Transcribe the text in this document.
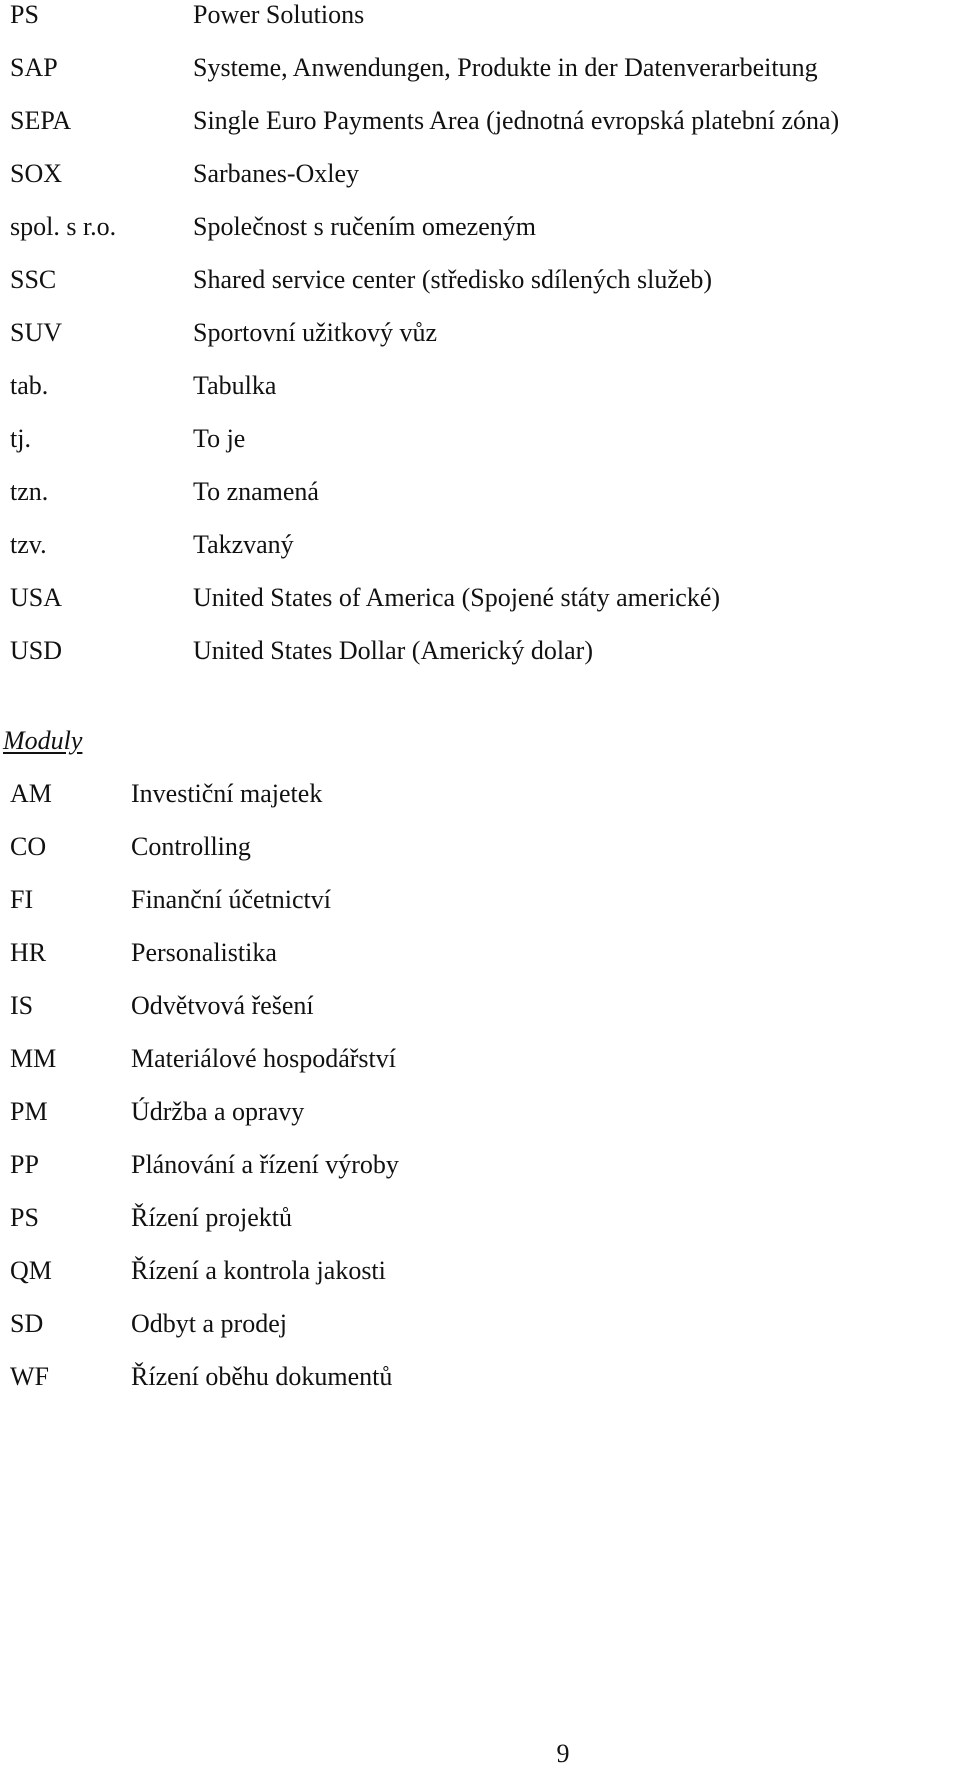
PS	Power Solutions
SAP	Systeme, Anwendungen, Produkte in der Datenverarbeitung
SEPA	Single Euro Payments Area (jednotná evropská platební zóna)
SOX	Sarbanes-Oxley
spol. s r.o.	Společnost s ručením omezeným
SSC	Shared service center (středisko sdílených služeb)
SUV	Sportovní užitkový vůz
tab.	Tabulka
tj.	To je
tzn.	To znamená
tzv.	Takzvaný
USA	United States of America (Spojené státy americké)
USD	United States Dollar (Americký dolar)
Moduly
AM	Investiční majetek
CO	Controlling
FI	Finanční účetnictví
HR	Personalistika
IS	Odvětvová řešení
MM	Materiálové hospodářství
PM	Údržba a opravy
PP	Plánování a řízení výroby
PS	Řízení projektů
QM	Řízení a kontrola jakosti
SD	Odbyt a prodej
WF	Řízení oběhu dokumentů
9
